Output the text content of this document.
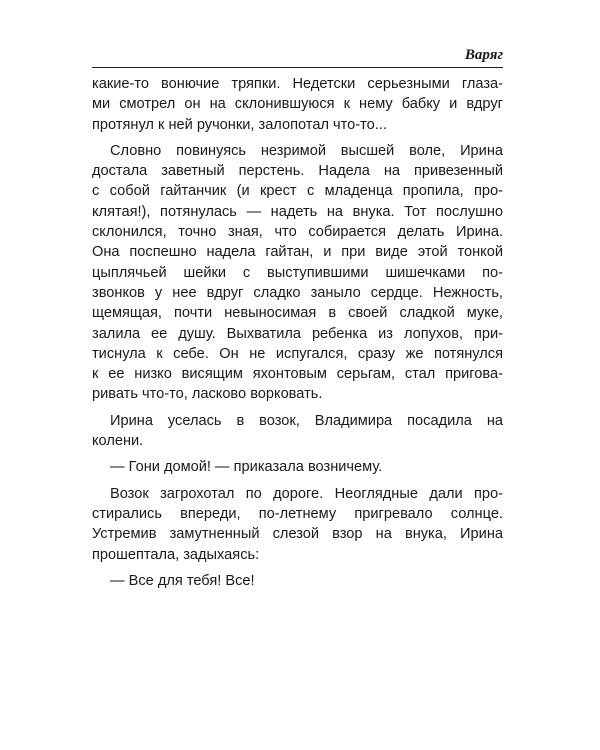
Варяг
какие-то вонючие тряпки. Недетски серьезными глаза-
ми смотрел он на склонившуюся к нему бабку и вдруг
протянул к ней ручонки, залопотал что-то...
Словно повинуясь незримой высшей воле, Ирина
достала заветный перстень. Надела на привезенный
с собой гайтанчик (и крест с младенца пропила, про-
клятая!), потянулась — надеть на внука. Тот послушно
склонился, точно зная, что собирается делать Ирина.
Она поспешно надела гайтан, и при виде этой тонкой
цыплячьей шейки с выступившими шишечками по-
звонков у нее вдруг сладко заныло сердце. Нежность,
щемящая, почти невыносимая в своей сладкой муке,
залила ее душу. Выхватила ребенка из лопухов, при-
тиснула к себе. Он не испугался, сразу же потянулся
к ее низко висящим яхонтовым серьгам, стал пригова-
ривать что-то, ласково ворковать.
Ирина уселась в возок, Владимира посадила на
колени.
— Гони домой! — приказала возничему.
Возок загрохотал по дороге. Неоглядные дали про-
стирались впереди, по-летнему пригревало солнце.
Устремив замутненный слезой взор на внука, Ирина
прошептала, задыхаясь:
— Все для тебя! Все!
